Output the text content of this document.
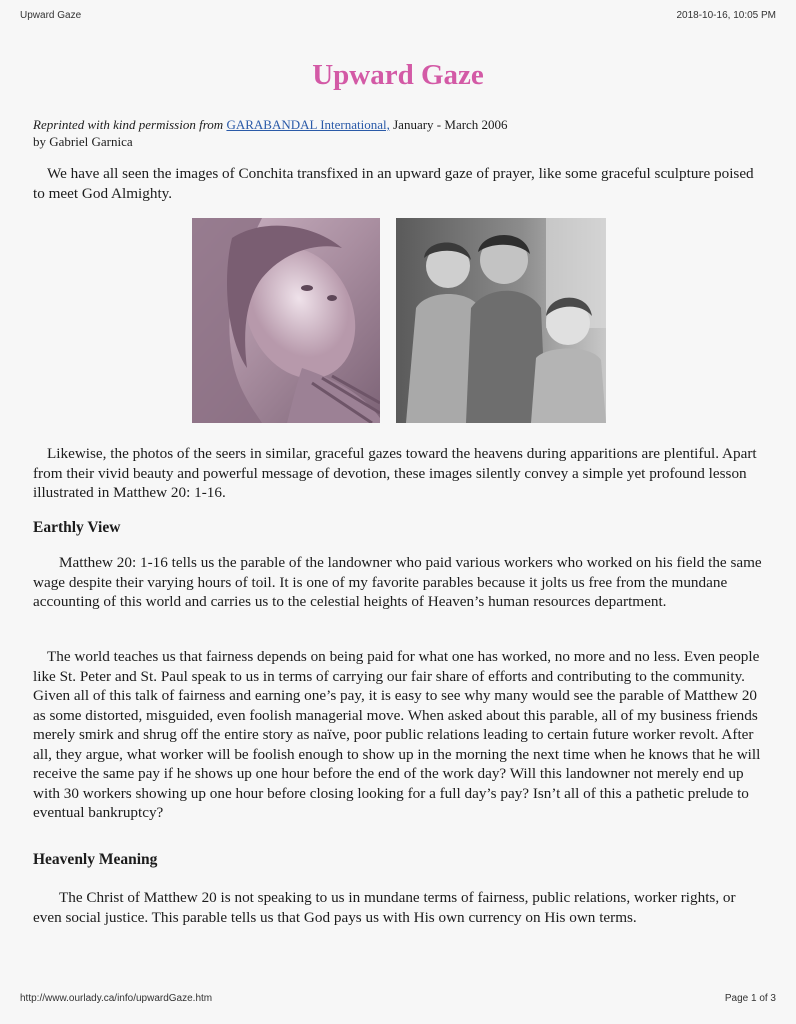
Upward Gaze	2018-10-16, 10:05 PM
Upward Gaze
Reprinted with kind permission from GARABANDAL International, January - March 2006
by Gabriel Garnica
We have all seen the images of Conchita transfixed in an upward gaze of prayer, like some graceful sculpture poised to meet God Almighty.
Likewise, the photos of the seers in similar, graceful gazes toward the heavens during apparitions are plentiful. Apart from their vivid beauty and powerful message of devotion, these images silently convey a simple yet profound lesson illustrated in Matthew 20: 1-16.
Earthly View
Matthew 20: 1-16 tells us the parable of the landowner who paid various workers who worked on his field the same wage despite their varying hours of toil. It is one of my favorite parables because it jolts us free from the mundane accounting of this world and carries us to the celestial heights of Heaven’s human resources department.
The world teaches us that fairness depends on being paid for what one has worked, no more and no less. Even people like St. Peter and St. Paul speak to us in terms of carrying our fair share of efforts and contributing to the community. Given all of this talk of fairness and earning one’s pay, it is easy to see why many would see the parable of Matthew 20 as some distorted, misguided, even foolish managerial move. When asked about this parable, all of my business friends merely smirk and shrug off the entire story as naïve, poor public relations leading to certain future worker revolt. After all, they argue, what worker will be foolish enough to show up in the morning the next time when he knows that he will receive the same pay if he shows up one hour before the end of the work day? Will this landowner not merely end up with 30 workers showing up one hour before closing looking for a full day’s pay? Isn’t all of this a pathetic prelude to eventual bankruptcy?
Heavenly Meaning
The Christ of Matthew 20 is not speaking to us in mundane terms of fairness, public relations, worker rights, or even social justice. This parable tells us that God pays us with His own currency on His own terms.
http://www.ourlady.ca/info/upwardGaze.htm	Page 1 of 3
